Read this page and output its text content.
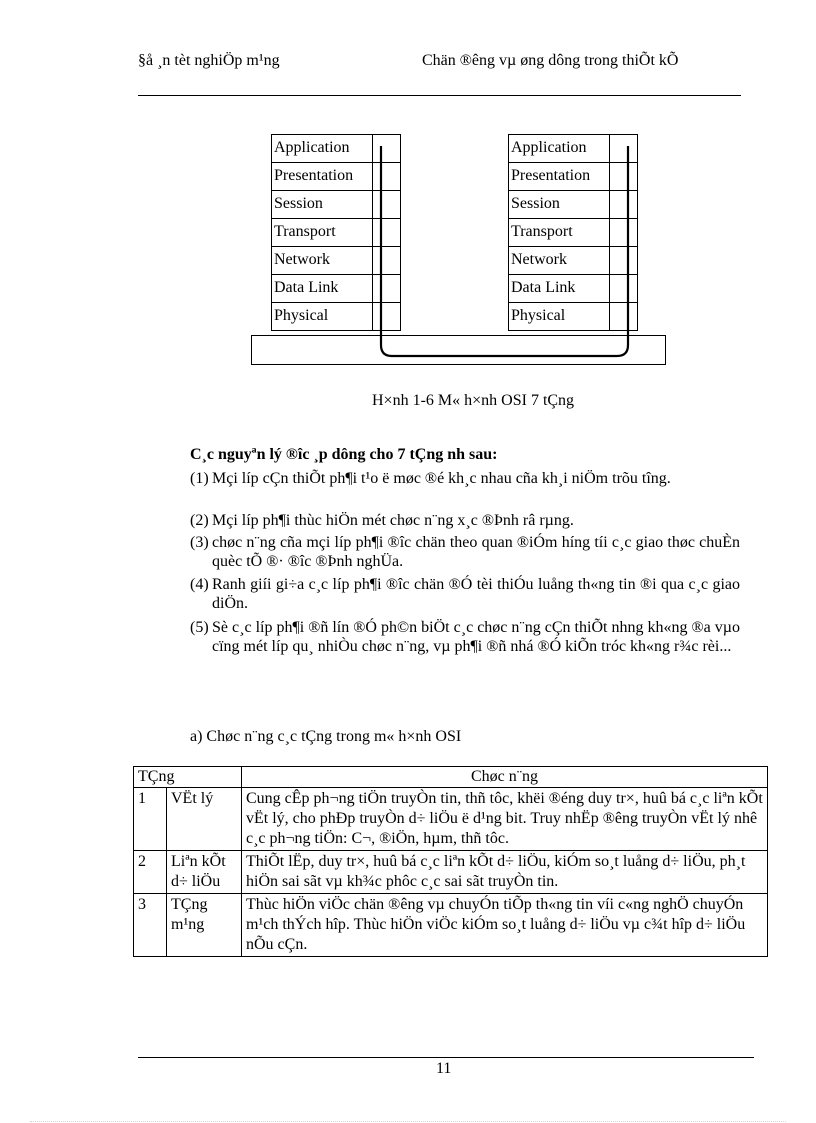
§å ¸n tèt nghiÖp m¹ng	Chän ®êng vµ øng dông trong thiÕt kÕ
Application
Presentation
Session
Transport
Network
Data Link
Physical
Application
Presentation
Session
Transport
Network
Data Link
Physical
H×nh 1-6 M« h×nh OSI 7 tÇng
C¸c nguyªn lý ®îc ¸p dông cho 7 tÇng nh sau:
(1) Mçi líp cÇn thiÕt ph¶i t¹o ë møc ®é kh¸c nhau cña kh¸i niÖm trõu tîng.
(2) Mçi líp ph¶i thùc hiÖn mét chøc n¨ng x¸c ®Þnh râ rµng.
(3) chøc n¨ng cña mçi líp ph¶i ®îc chän theo quan ®iÓm híng tíi c¸c giao thøc chuÈn quèc tÕ ®· ®îc ®Þnh nghÜa.
(4) Ranh giíi gi÷a c¸c líp ph¶i ®îc chän ®Ó tèi thiÓu luång th«ng tin ®i qua c¸c giao diÖn.
(5) Sè c¸c líp ph¶i ®ñ lín ®Ó ph©n biÖt c¸c chøc n¨ng cÇn thiÕt nhng kh«ng ®a vµo cïng mét líp qu¸ nhiÒu chøc n¨ng, vµ ph¶i ®ñ nhá ®Ó kiÕn tróc kh«ng r¾c rèi...
a) Chøc n¨ng c¸c tÇng trong m« h×nh OSI
TÇng		Chøc n¨ng
1	VËt lý	Cung cÊp ph¬ng tiÖn truyÒn tin, thñ tôc, khëi ®éng duy tr×, huû bá c¸c liªn kÕt vËt lý, cho phÐp truyÒn d÷ liÖu ë d¹ng bit. Truy nhËp ®êng truyÒn vËt lý nhê c¸c ph¬ng tiÖn: C¬, ®iÖn, hµm, thñ tôc.
2	Liªn kÕt d÷ liÖu	ThiÕt lËp, duy tr×, huû bá c¸c liªn kÕt d÷ liÖu, kiÓm so¸t luång d÷ liÖu, ph¸t hiÖn sai sãt vµ kh¾c phôc c¸c sai sãt truyÒn tin.
3	TÇng m¹ng	Thùc hiÖn viÖc chän ®êng vµ chuyÓn tiÕp th«ng tin víi c«ng nghÖ chuyÓn m¹ch thÝch hîp. Thùc hiÖn viÖc kiÓm so¸t luång d÷ liÖu vµ c¾t hîp d÷ liÖu nÕu cÇn.
11
